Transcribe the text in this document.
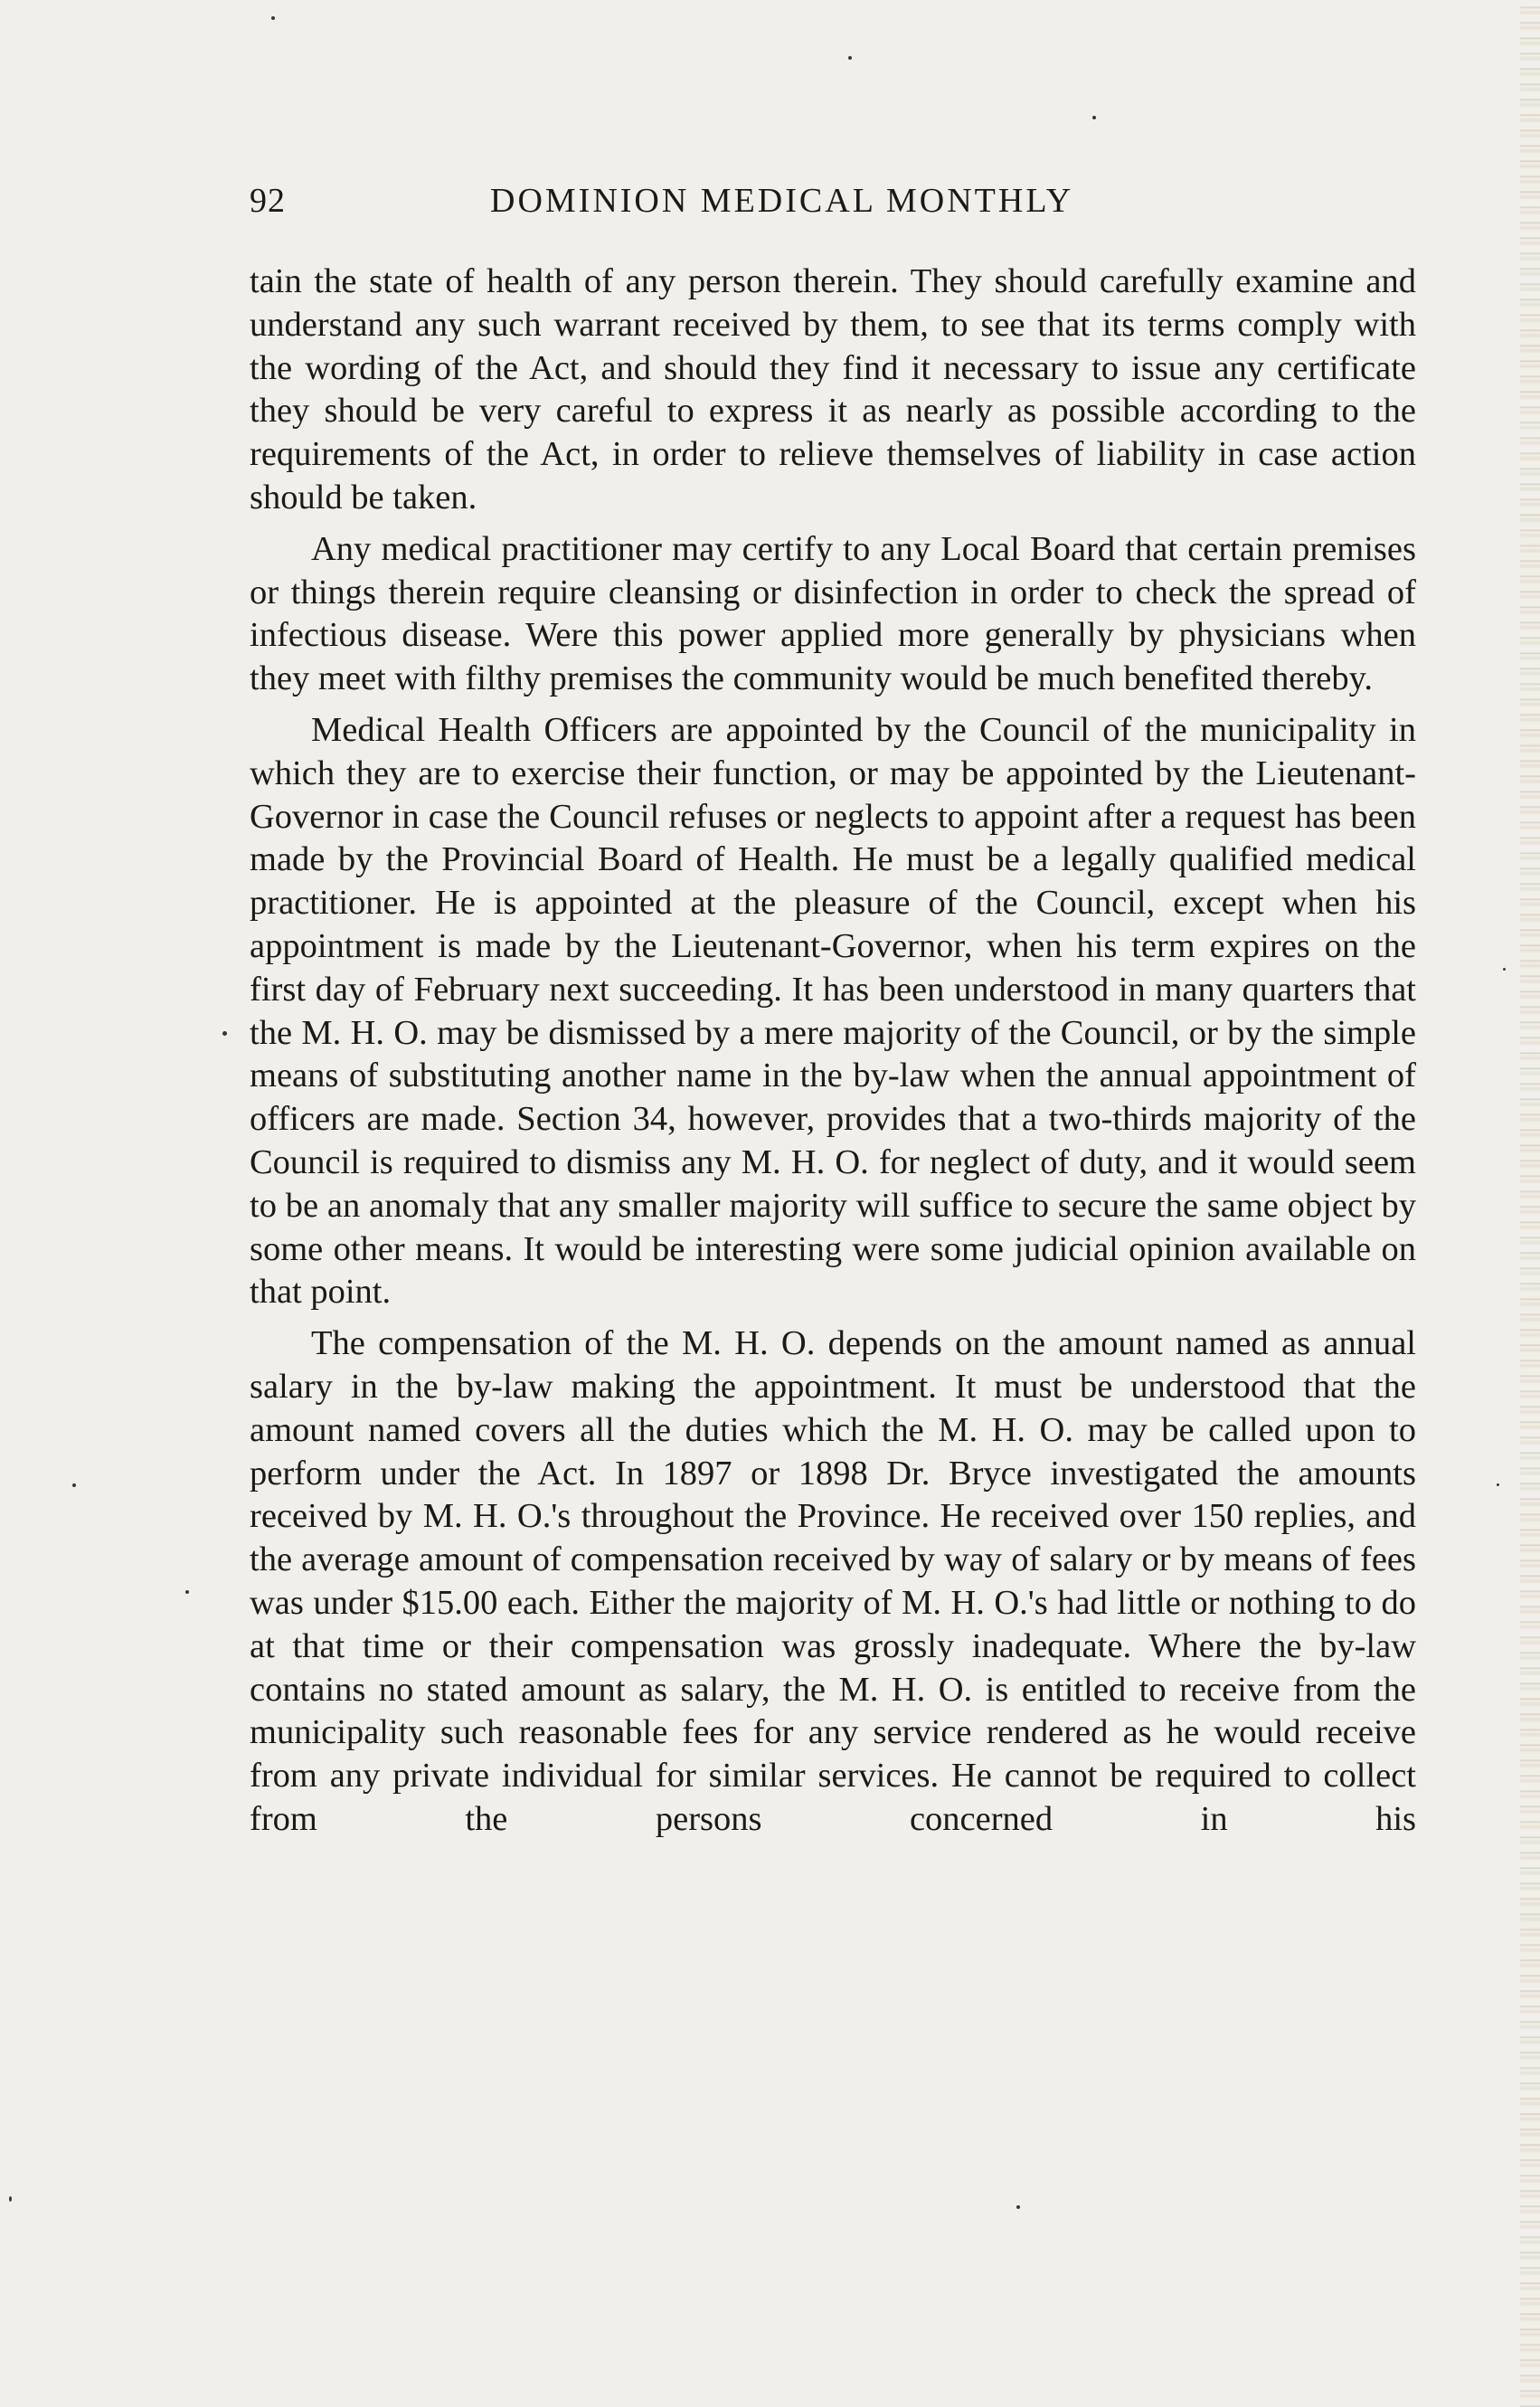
92	DOMINION MEDICAL MONTHLY

tain the state of health of any person therein. They should carefully examine and understand any such warrant received by them, to see that its terms comply with the wording of the Act, and should they find it necessary to issue any certificate they should be very careful to express it as nearly as possible according to the requirements of the Act, in order to relieve themselves of liability in case action should be taken.

Any medical practitioner may certify to any Local Board that certain premises or things therein require cleansing or disinfection in order to check the spread of infectious disease. Were this power applied more generally by physicians when they meet with filthy premises the community would be much benefited thereby.

Medical Health Officers are appointed by the Council of the municipality in which they are to exercise their function, or may be appointed by the Lieutenant-Governor in case the Council refuses or neglects to appoint after a request has been made by the Provincial Board of Health. He must be a legally qualified medical practitioner. He is appointed at the pleasure of the Council, except when his appointment is made by the Lieutenant-Governor, when his term expires on the first day of February next succeeding. It has been understood in many quarters that the M. H. O. may be dismissed by a mere majority of the Council, or by the simple means of substituting another name in the by-law when the annual appointment of officers are made. Section 34, however, provides that a two-thirds majority of the Council is required to dismiss any M. H. O. for neglect of duty, and it would seem to be an anomaly that any smaller majority will suffice to secure the same object by some other means. It would be interesting were some judicial opinion available on that point.

The compensation of the M. H. O. depends on the amount named as annual salary in the by-law making the appointment. It must be understood that the amount named covers all the duties which the M. H. O. may be called upon to perform under the Act. In 1897 or 1898 Dr. Bryce investigated the amounts received by M. H. O.'s throughout the Province. He received over 150 replies, and the average amount of compensation received by way of salary or by means of fees was under $15.00 each. Either the majority of M. H. O.'s had little or nothing to do at that time or their compensation was grossly inadequate. Where the by-law contains no stated amount as salary, the M. H. O. is entitled to receive from the municipality such reasonable fees for any service rendered as he would receive from any private individual for similar services. He cannot be required to collect from the persons concerned in his
